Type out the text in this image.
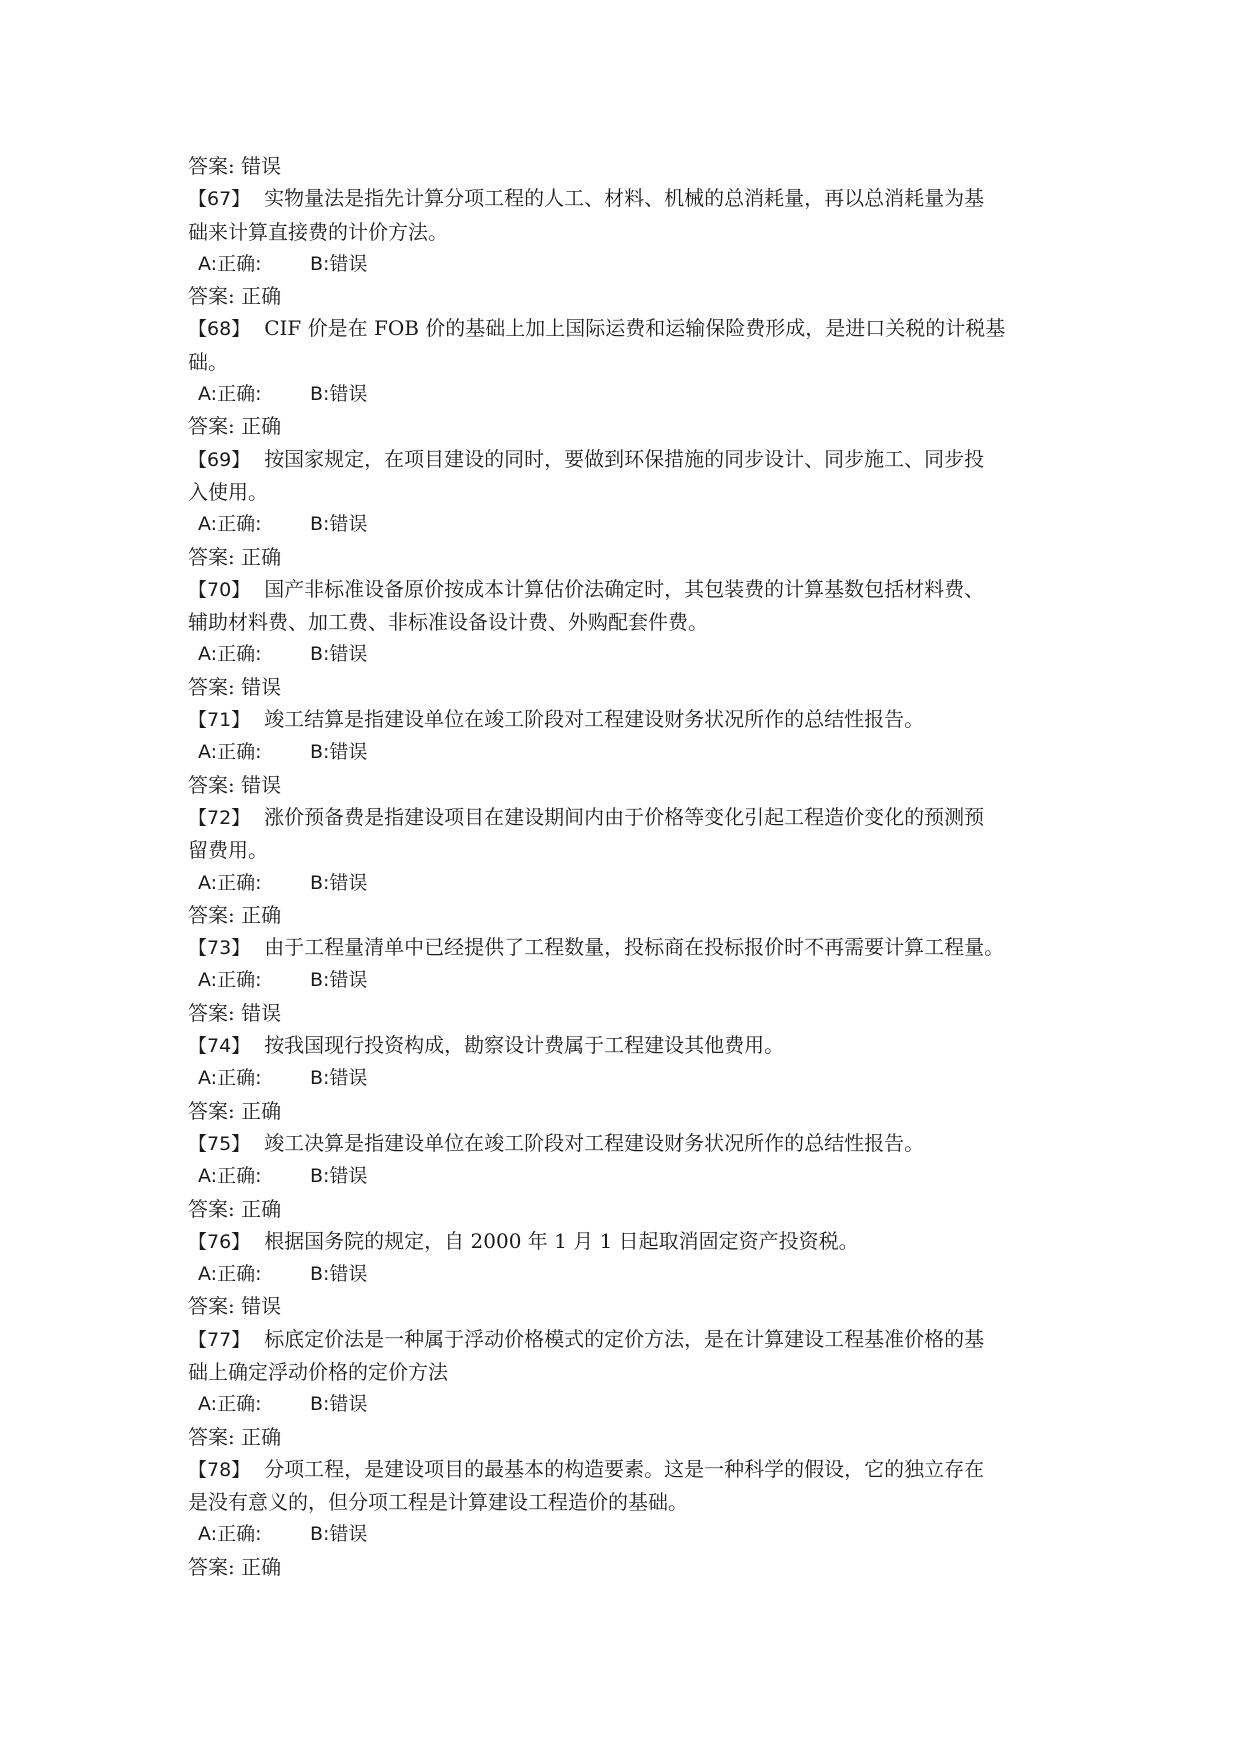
答案: 错误
【67】 实物量法是指先计算分项工程的人工、材料、机械的总消耗量，再以总消耗量为基
础来计算直接费的计价方法。
A:正确:	B:错误
答案: 正确
【68】 CIF 价是在 FOB 价的基础上加上国际运费和运输保险费形成，是进口关税的计税基
础。
A:正确:	B:错误
答案: 正确
【69】 按国家规定，在项目建设的同时，要做到环保措施的同步设计、同步施工、同步投
入使用。
A:正确:	B:错误
答案: 正确
【70】 国产非标准设备原价按成本计算估价法确定时，其包装费的计算基数包括材料费、
辅助材料费、加工费、非标准设备设计费、外购配套件费。
A:正确:	B:错误
答案: 错误
【71】 竣工结算是指建设单位在竣工阶段对工程建设财务状况所作的总结性报告。
A:正确:	B:错误
答案: 错误
【72】 涨价预备费是指建设项目在建设期间内由于价格等变化引起工程造价变化的预测预
留费用。
A:正确:	B:错误
答案: 正确
【73】 由于工程量清单中已经提供了工程数量，投标商在投标报价时不再需要计算工程量。
A:正确:	B:错误
答案: 错误
【74】 按我国现行投资构成，勘察设计费属于工程建设其他费用。
A:正确:	B:错误
答案: 正确
【75】 竣工决算是指建设单位在竣工阶段对工程建设财务状况所作的总结性报告。
A:正确:	B:错误
答案: 正确
【76】 根据国务院的规定，自 2000 年 1 月 1 日起取消固定资产投资税。
A:正确:	B:错误
答案: 错误
【77】 标底定价法是一种属于浮动价格模式的定价方法，是在计算建设工程基准价格的基
础上确定浮动价格的定价方法
A:正确:	B:错误
答案: 正确
【78】 分项工程，是建设项目的最基本的构造要素。这是一种科学的假设，它的独立存在
是没有意义的，但分项工程是计算建设工程造价的基础。
A:正确:	B:错误
答案: 正确
